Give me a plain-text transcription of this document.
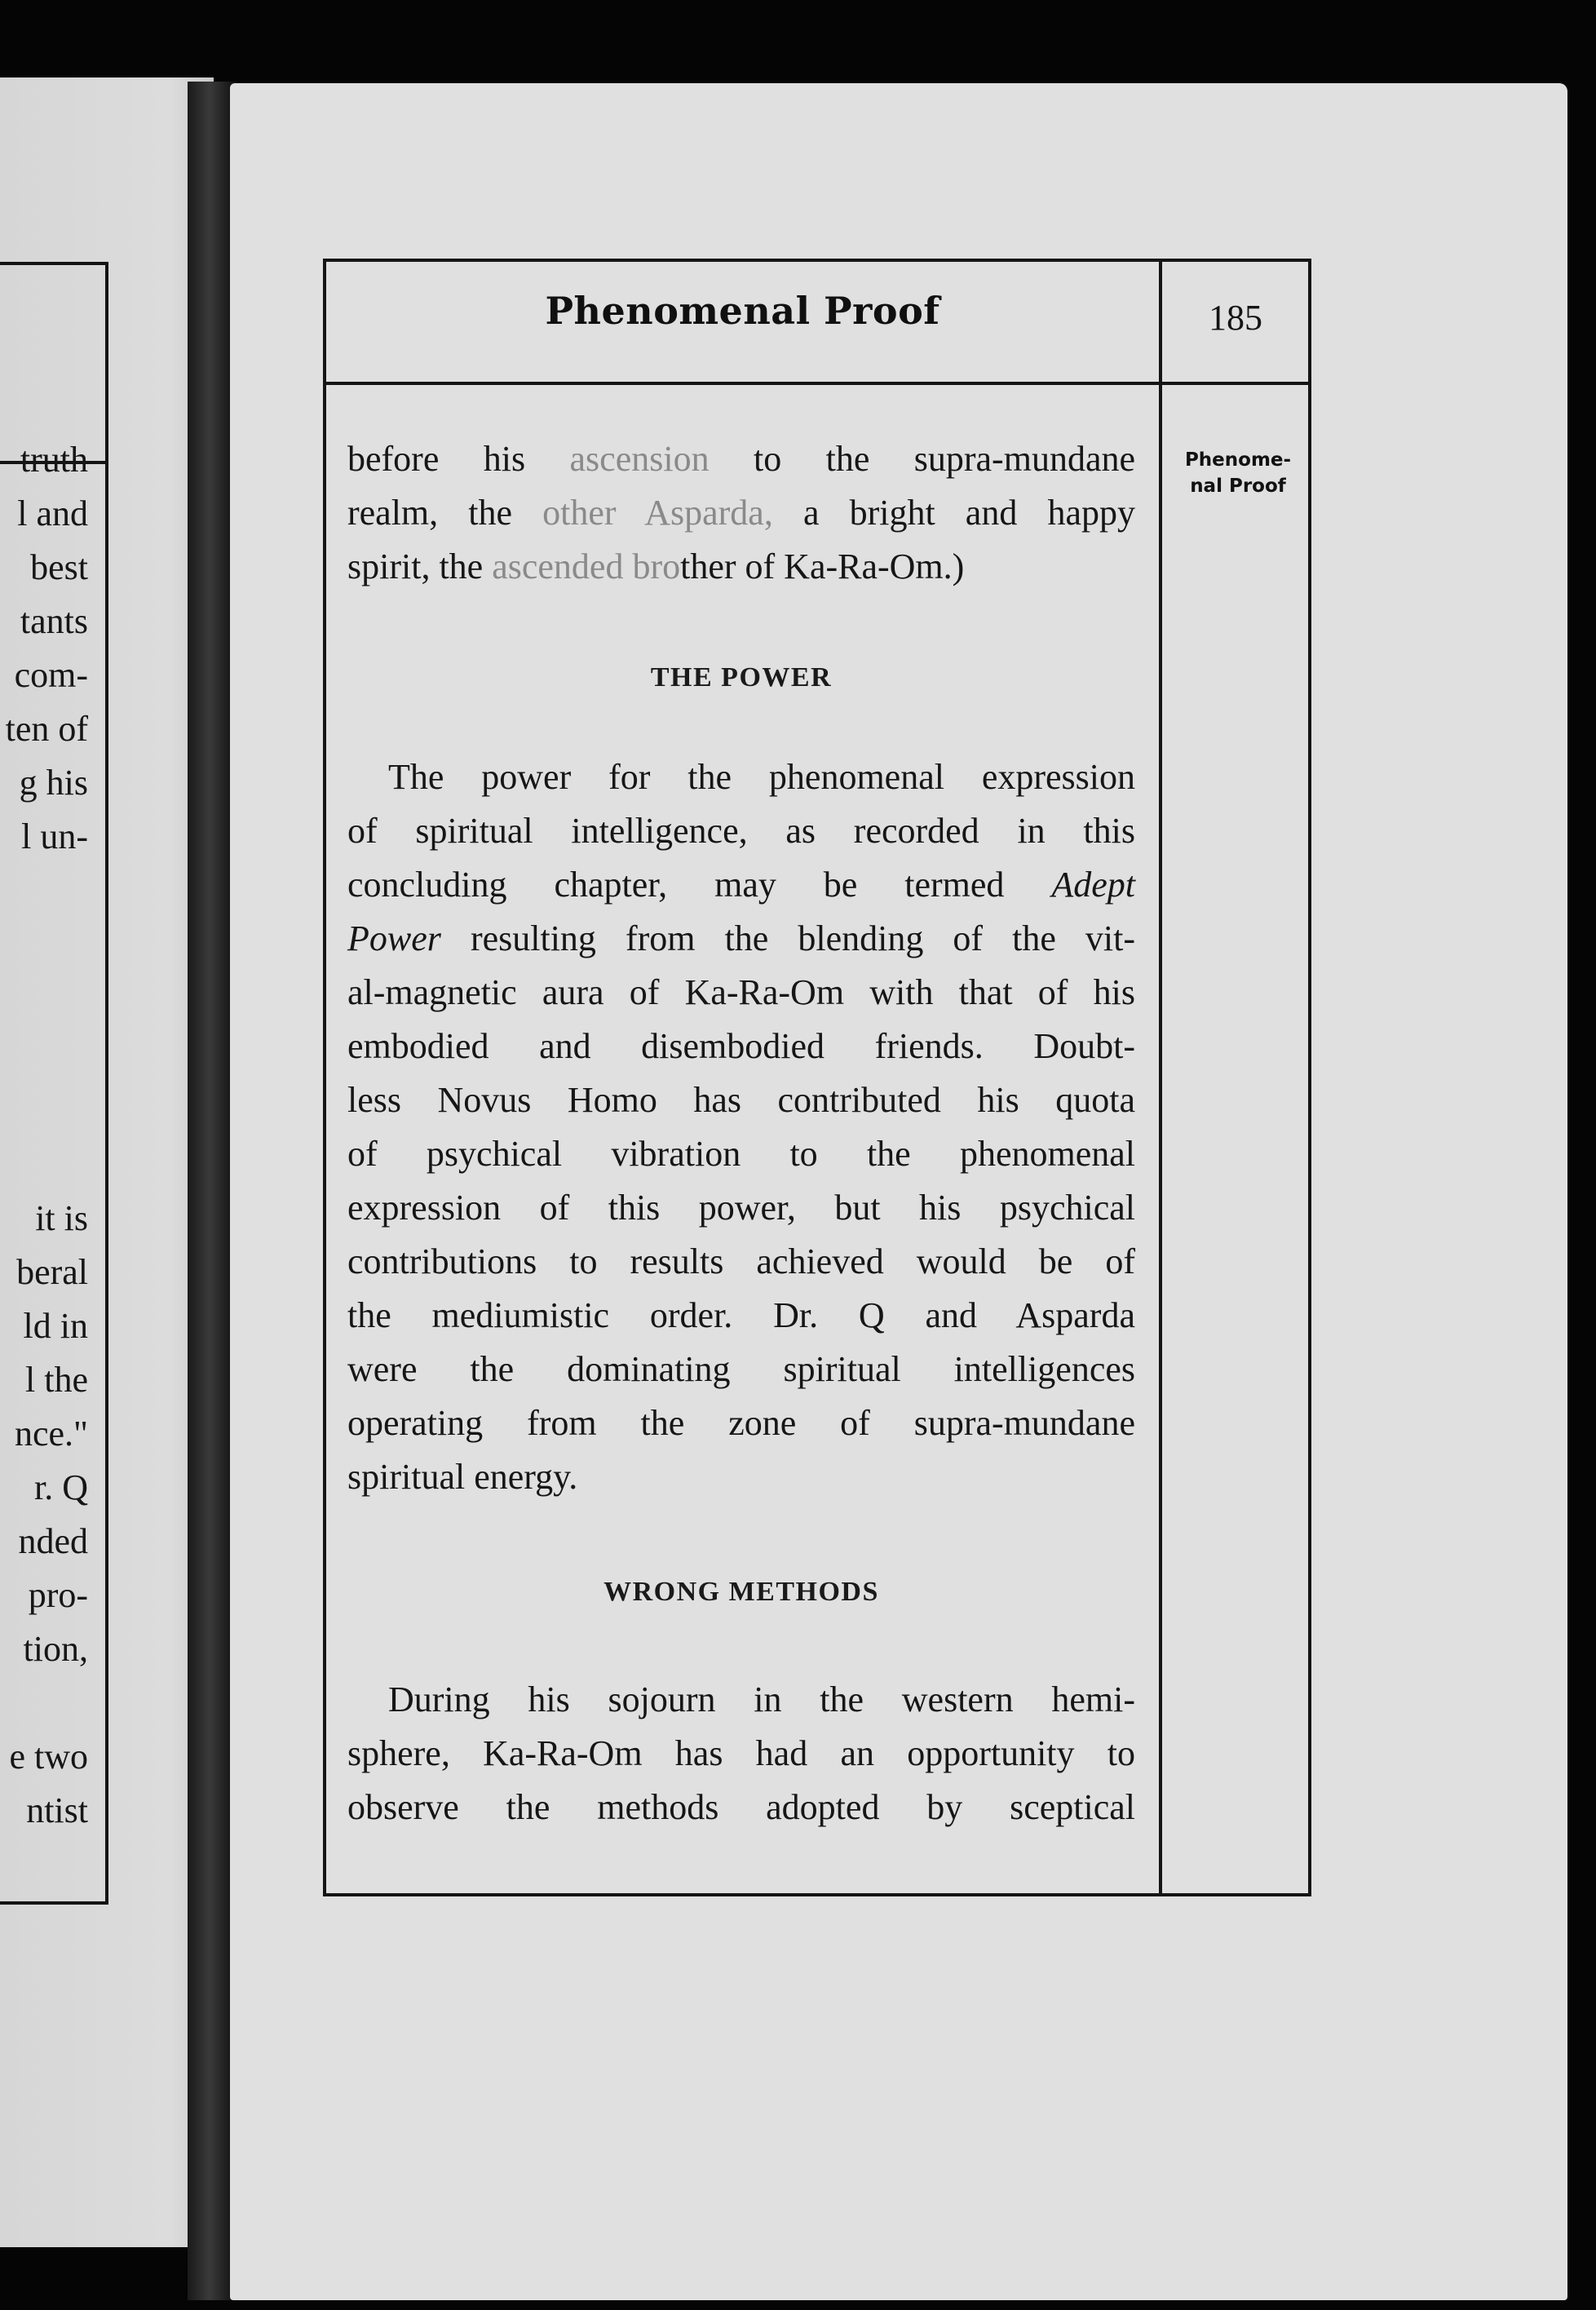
truth
l and
best
tants
com-
ten of
g his
l un-
it is
beral
ld in
l the
nce."
r. Q
nded
pro-
tion,
e two
ntist
Phenomenal Proof	185
Phenome-
nal Proof
before his ascension to the supra-mundane
realm, the other Asparda, a bright and happy
spirit, the ascended brother of Ka-Ra-Om.)
THE POWER
The power for the phenomenal expression
of spiritual intelligence, as recorded in this
concluding chapter, may be termed Adept
Power resulting from the blending of the vit-
al-magnetic aura of Ka-Ra-Om with that of his
embodied and disembodied friends. Doubt-
less Novus Homo has contributed his quota
of psychical vibration to the phenomenal
expression of this power, but his psychical
contributions to results achieved would be of
the mediumistic order. Dr. Q and Asparda
were the dominating spiritual intelligences
operating from the zone of supra-mundane
spiritual energy.
WRONG METHODS
During his sojourn in the western hemi-
sphere, Ka-Ra-Om has had an opportunity to
observe the methods adopted by sceptical
